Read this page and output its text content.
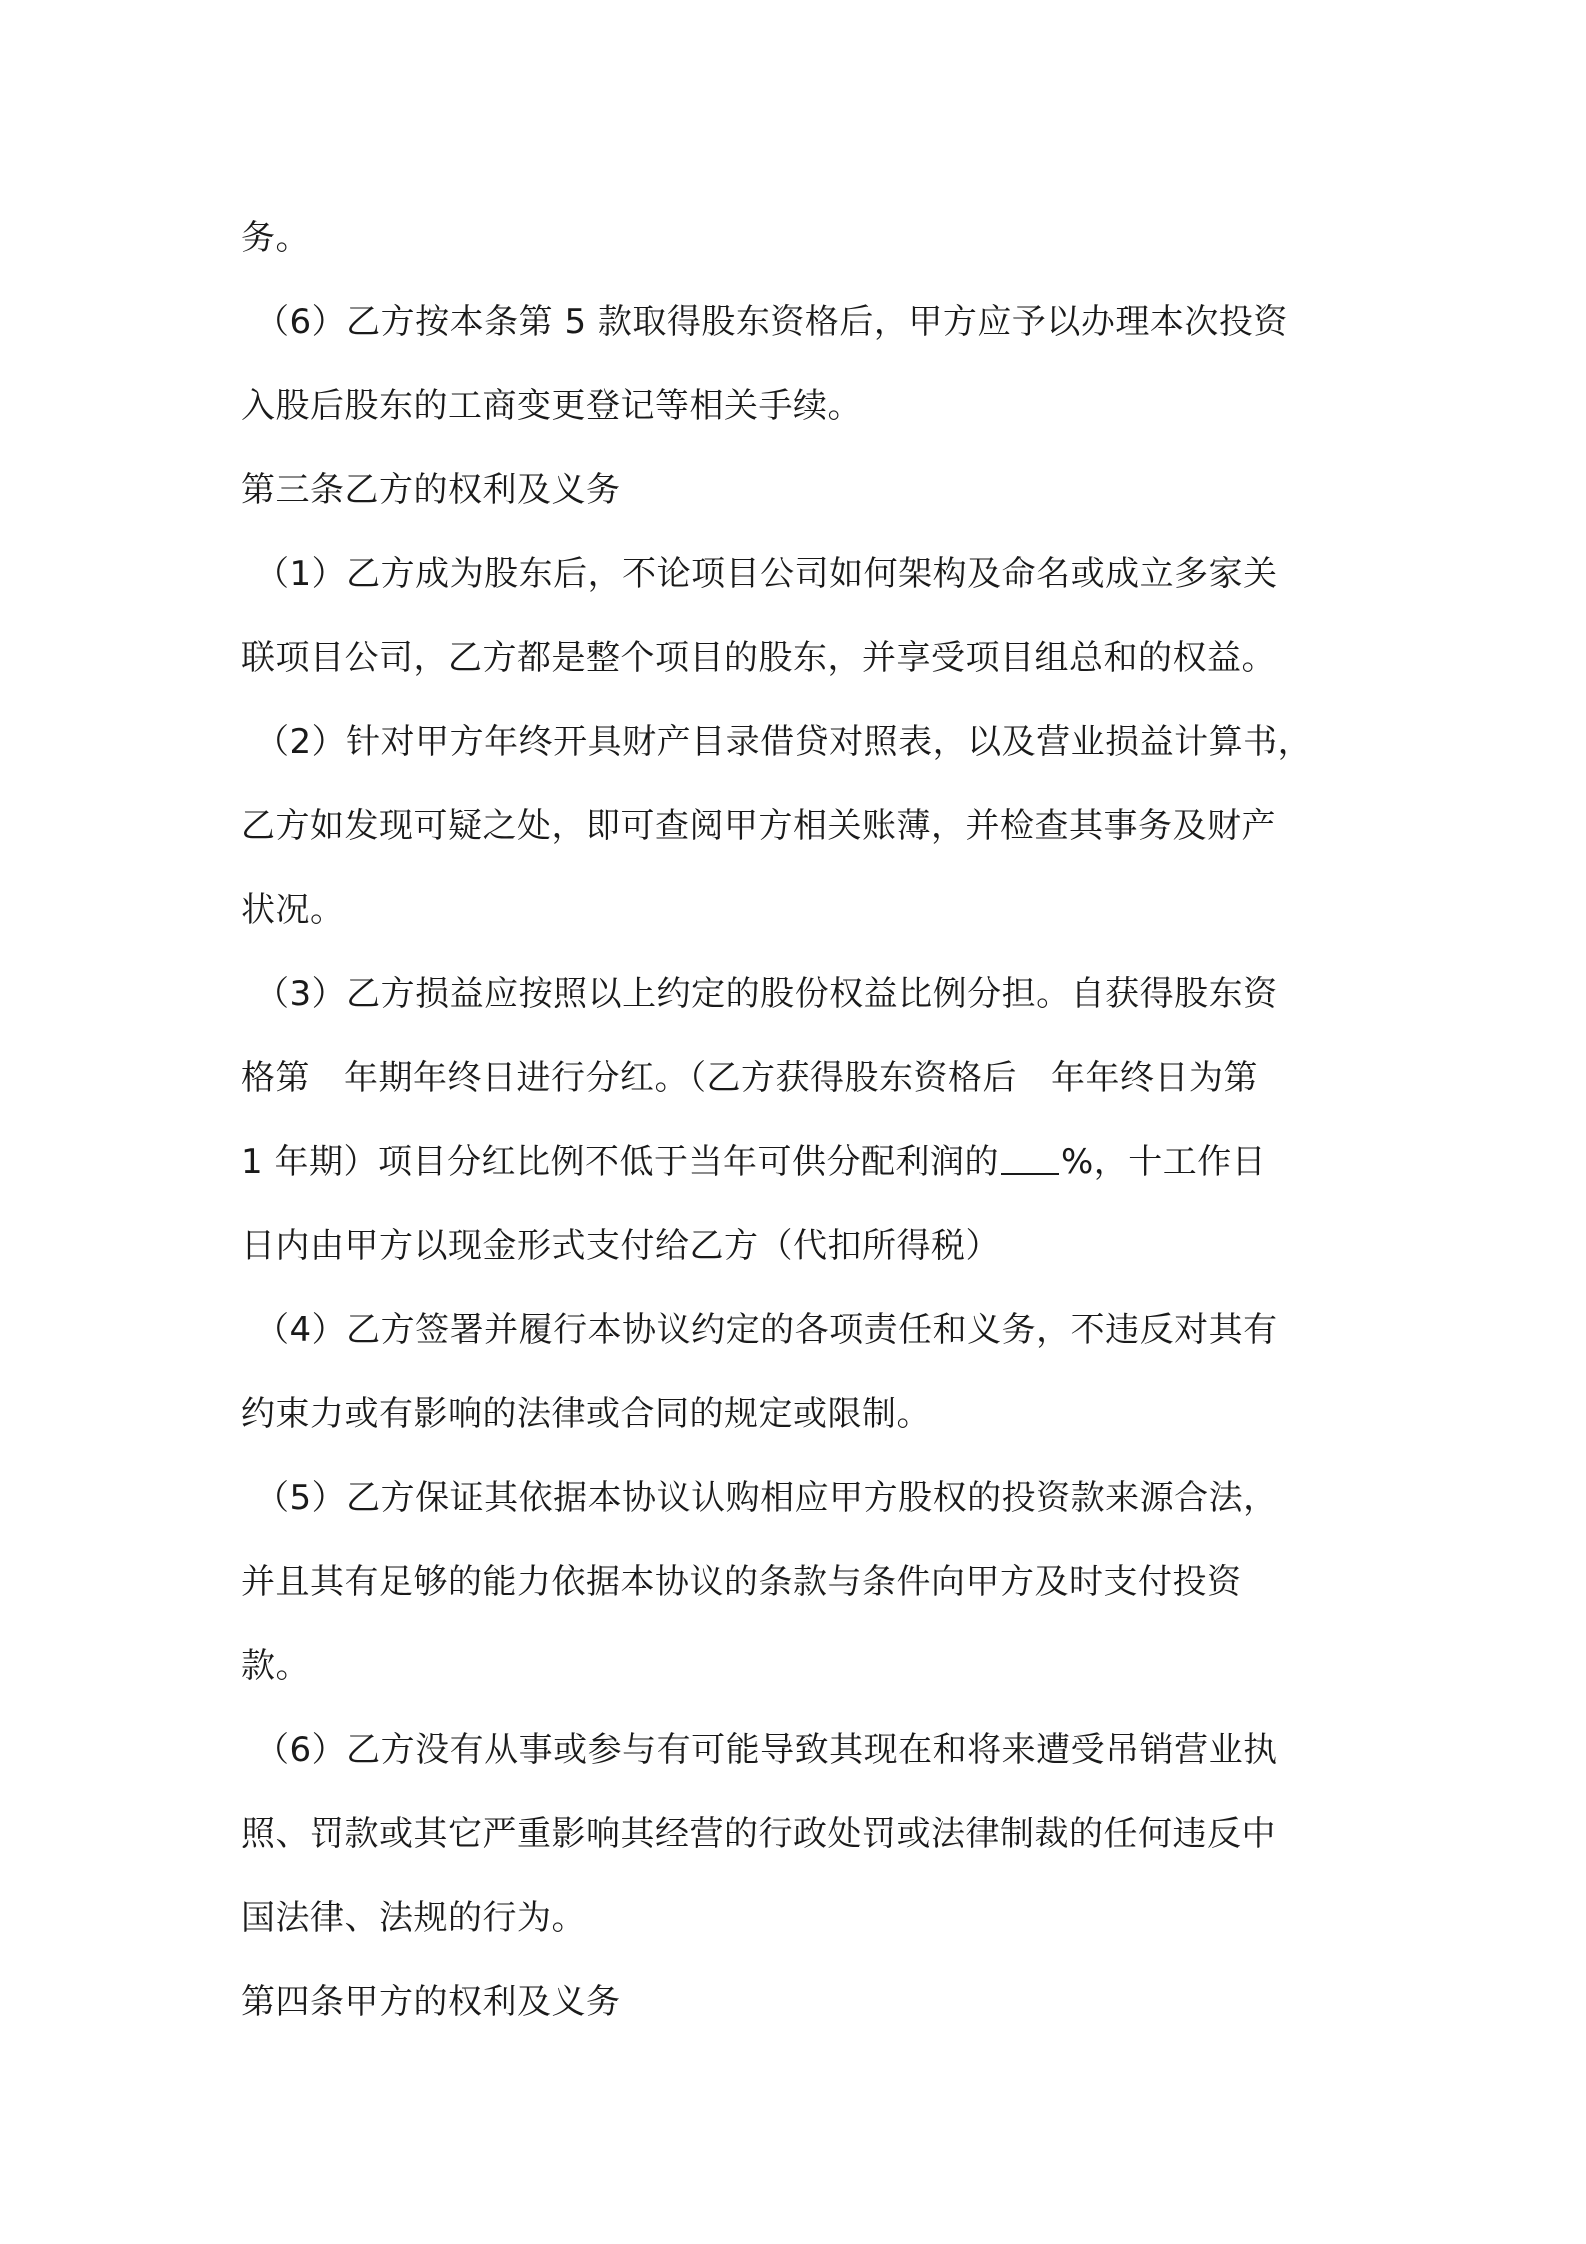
务。
（6）乙方按本条第 5 款取得股东资格后，甲方应予以办理本次投资
入股后股东的工商变更登记等相关手续。
第三条乙方的权利及义务
（1）乙方成为股东后，不论项目公司如何架构及命名或成立多家关
联项目公司，乙方都是整个项目的股东，并享受项目组总和的权益。
（2）针对甲方年终开具财产目录借贷对照表，以及营业损益计算书，
乙方如发现可疑之处，即可查阅甲方相关账薄，并检查其事务及财产
状况。
（3）乙方损益应按照以上约定的股份权益比例分担。自获得股东资
格第 年期年终日进行分红。（乙方获得股东资格后 年年终日为第
1 年期）项目分红比例不低于当年可供分配利润的 %，十工作日
日内由甲方以现金形式支付给乙方（代扣所得税）
（4）乙方签署并履行本协议约定的各项责任和义务，不违反对其有
约束力或有影响的法律或合同的规定或限制。
（5）乙方保证其依据本协议认购相应甲方股权的投资款来源合法，
并且其有足够的能力依据本协议的条款与条件向甲方及时支付投资
款。
（6）乙方没有从事或参与有可能导致其现在和将来遭受吊销营业执
照、罚款或其它严重影响其经营的行政处罚或法律制裁的任何违反中
国法律、法规的行为。
第四条甲方的权利及义务
